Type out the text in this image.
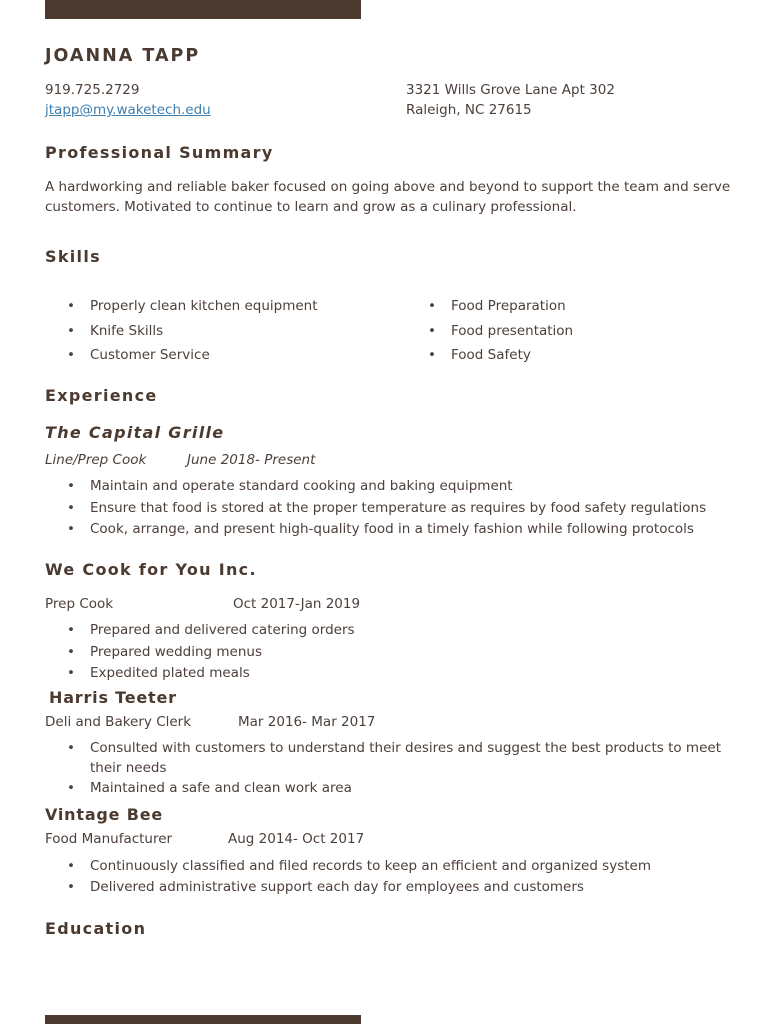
JOANNA TAPP
919.725.2729
jtapp@my.waketech.edu
3321 Wills Grove Lane Apt 302
Raleigh, NC 27615
Professional Summary
A hardworking and reliable baker focused on going above and beyond to support the team and serve customers. Motivated to continue to learn and grow as a culinary professional.
Skills
• Properly clean kitchen equipment
• Knife Skills
• Customer Service
• Food Preparation
• Food presentation
• Food Safety
Experience
The Capital Grille
Line/Prep Cook	June 2018- Present
• Maintain and operate standard cooking and baking equipment
• Ensure that food is stored at the proper temperature as requires by food safety regulations
• Cook, arrange, and present high-quality food in a timely fashion while following protocols
We Cook for You Inc.
Prep Cook	Oct 2017-Jan 2019
• Prepared and delivered catering orders
• Prepared wedding menus
• Expedited plated meals
Harris Teeter
Deli and Bakery Clerk	Mar 2016- Mar 2017
• Consulted with customers to understand their desires and suggest the best products to meet their needs
• Maintained a safe and clean work area
Vintage Bee
Food Manufacturer	Aug 2014- Oct 2017
• Continuously classified and filed records to keep an efficient and organized system
• Delivered administrative support each day for employees and customers
Education
